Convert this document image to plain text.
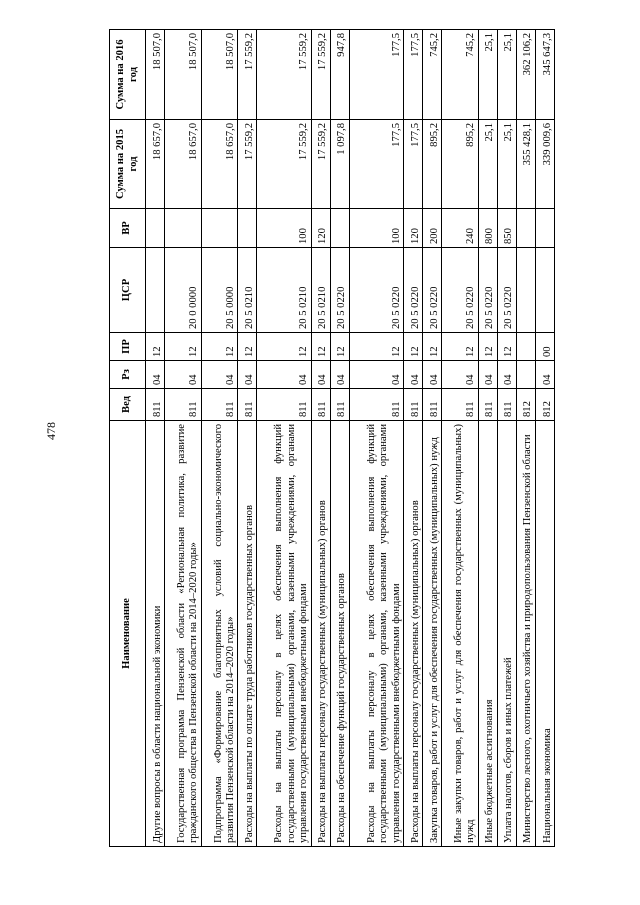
478
Наименование	Вед	Рз	ПР	ЦСР	ВР	Сумма на 2015 год	Сумма на 2016 год
Другие вопросы в области национальной экономики	811	04	12			18 657,0	18 507,0
Государственная программа Пензенской области «Региональная политика, развитие гражданского общества в Пензенской области на 2014–2020 годы»	811	04	12	20 0 0000		18 657,0	18 507,0
Подпрограмма «Формирование благоприятных условий социально-экономического развития Пензенской области на 2014–2020 годы»	811	04	12	20 5 0000		18 657,0	18 507,0
Расходы на выплаты по оплате труда работников государственных органов	811	04	12	20 5 0210		17 559,2	17 559,2
Расходы на выплаты персоналу в целях обеспечения выполнения функций государственными (муниципальными) органами, казенными учреждениями, органами управления государственными внебюджетными фондами	811	04	12	20 5 0210	100	17 559,2	17 559,2
Расходы на выплаты персоналу государственных (муниципальных) органов	811	04	12	20 5 0210	120	17 559,2	17 559,2
Расходы на обеспечение функций государственных органов	811	04	12	20 5 0220		1 097,8	947,8
Расходы на выплаты персоналу в целях обеспечения выполнения функций государственными (муниципальными) органами, казенными учреждениями, органами управления государственными внебюджетными фондами	811	04	12	20 5 0220	100	177,5	177,5
Расходы на выплаты персоналу государственных (муниципальных) органов	811	04	12	20 5 0220	120	177,5	177,5
Закупка товаров, работ и услуг для обеспечения государственных (муниципальных) нужд	811	04	12	20 5 0220	200	895,2	745,2
Иные закупки товаров, работ и услуг для обеспечения государственных (муниципальных) нужд	811	04	12	20 5 0220	240	895,2	745,2
Иные бюджетные ассигнования	811	04	12	20 5 0220	800	25,1	25,1
Уплата налогов, сборов и иных платежей	811	04	12	20 5 0220	850	25,1	25,1
Министерство лесного, охотничьего хозяйства и природопользования Пензенской области	812					355 428,1	362 106,2
Национальная экономика	812	04	00			339 009,6	345 647,3
